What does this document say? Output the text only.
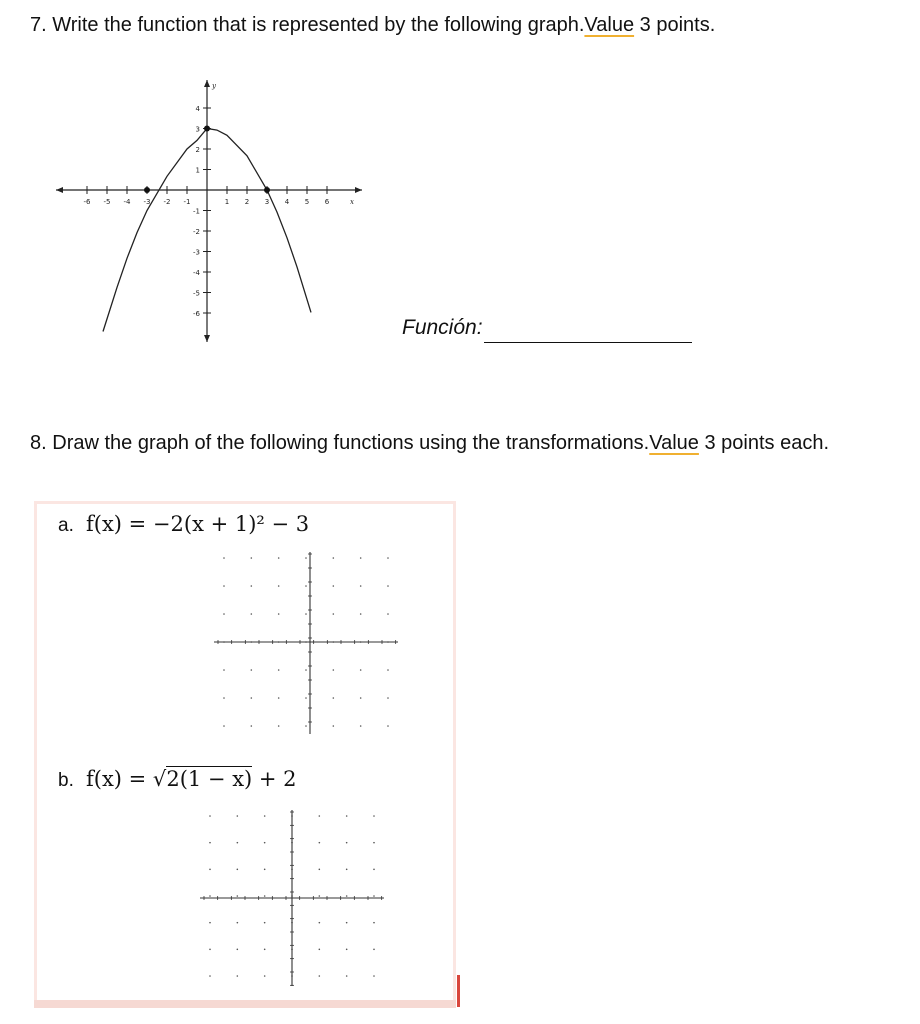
7. Write the function that is represented by the following graph.Value 3 points.
-6 -5 -4 -3 -2 -1	1 2 3 4 5 6	x
4
3
2
1
-1
-2
-3
-4
-5
-6
y
Función:
8. Draw the graph of the following functions using the transformations.Value 3 points each.
a. f(x) = −2(x + 1)² − 3
b. f(x) = √2(1 − x) + 2
